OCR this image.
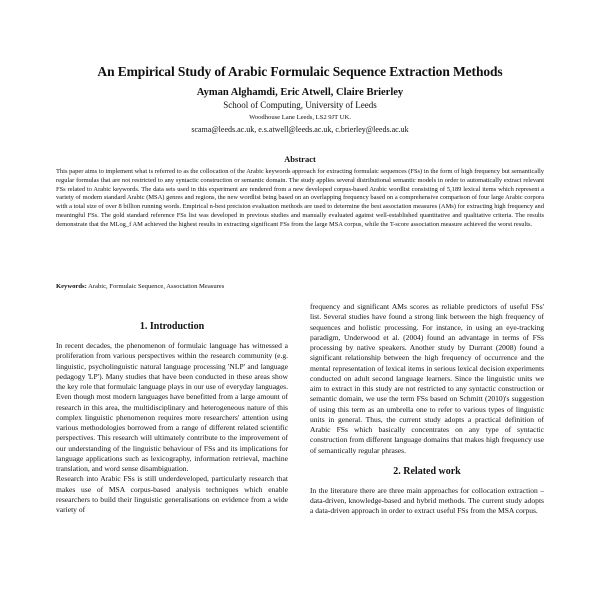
An Empirical Study of Arabic Formulaic Sequence Extraction Methods
Ayman Alghamdi, Eric Atwell, Claire Brierley
School of Computing, University of Leeds
Woodhouse Lane Leeds, LS2 9JT UK.
scama@leeds.ac.uk, e.s.atwell@leeds.ac.uk, c.brierley@leeds.ac.uk
Abstract
This paper aims to implement what is referred to as the collocation of the Arabic keywords approach for extracting formulaic sequences (FSs) in the form of high frequency but semantically regular formulas that are not restricted to any syntactic construction or semantic domain. The study applies several distributional semantic models in order to automatically extract relevant FSs related to Arabic keywords. The data sets used in this experiment are rendered from a new developed corpus-based Arabic wordlist consisting of 5,189 lexical items which represent a variety of modern standard Arabic (MSA) genres and regions, the new wordlist being based on an overlapping frequency based on a comprehensive comparison of four large Arabic corpora with a total size of over 8 billion running words. Empirical n-best precision evaluation methods are used to determine the best association measures (AMs) for extracting high frequency and meaningful FSs. The gold standard reference FSs list was developed in previous studies and manually evaluated against well-established quantitative and qualitative criteria. The results demonstrate that the MLog_f AM achieved the highest results in extracting significant FSs from the large MSA corpus, while the T-score association measure achieved the worst results.
Keywords: Arabic, Formulaic Sequence, Association Measures
1. Introduction

In recent decades, the phenomenon of formulaic language has witnessed a proliferation from various perspectives within the research community (e.g. linguistic, psycholinguistic natural language processing 'NLP' and language pedagogy 'LP'). Many studies that have been conducted in these areas show the key role that formulaic language plays in our use of everyday languages. Even though most modern languages have benefitted from a large amount of research in this area, the multidisciplinary and heterogeneous nature of this complex linguistic phenomenon requires more researchers' attention using various methodologies borrowed from a range of different related scientific perspectives. This research will ultimately contribute to the improvement of our understanding of the linguistic behaviour of FSs and its implications for language applications such as lexicography, information retrieval, machine translation, and word sense disambiguation.

Research into Arabic FSs is still underdeveloped, particularly research that makes use of MSA corpus-based analysis techniques which enable researchers to build their linguistic generalisations on evidence from a wide variety of

frequency and significant AMs scores as reliable predictors of useful FSs' list. Several studies have found a strong link between the high frequency of sequences and holistic processing. For instance, in using an eye-tracking paradigm, Underwood et al. (2004) found an advantage in terms of FSs processing by native speakers. Another study by Durrant (2008) found a significant relationship between the high frequency of occurrence and the mental representation of lexical items in serious lexical decision experiments conducted on adult second language learners. Since the linguistic units we aim to extract in this study are not restricted to any syntactic construction or semantic domain, we use the term FSs based on Schmitt (2010)'s suggestion of using this term as an umbrella one to refer to various types of linguistic units in general. Thus, the current study adopts a practical definition of Arabic FSs which basically concentrates on any type of syntactic construction from different language domains that makes high frequency use of semantically regular phrases.

2. Related work

In the literature there are three main approaches for collocation extraction – data-driven, knowledge-based and hybrid methods. The current study adopts a data-driven approach in order to extract useful FSs from the MSA corpus.
